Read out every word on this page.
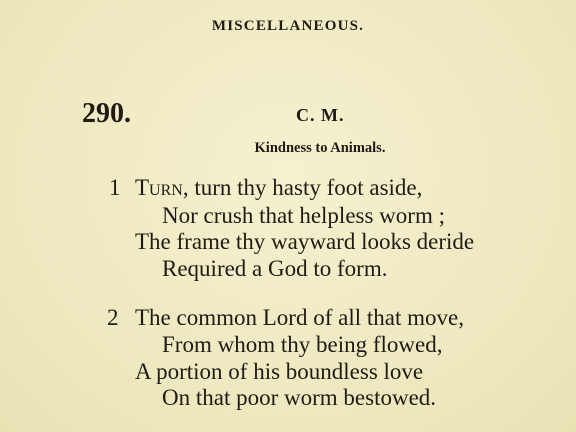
MISCELLANEOUS.
290.	C. M.
Kindness to Animals.
1 Turn, turn thy hasty foot aside,
Nor crush that helpless worm ;
The frame thy wayward looks deride
Required a God to form.
2 The common Lord of all that move,
From whom thy being flowed,
A portion of his boundless love
On that poor worm bestowed.
